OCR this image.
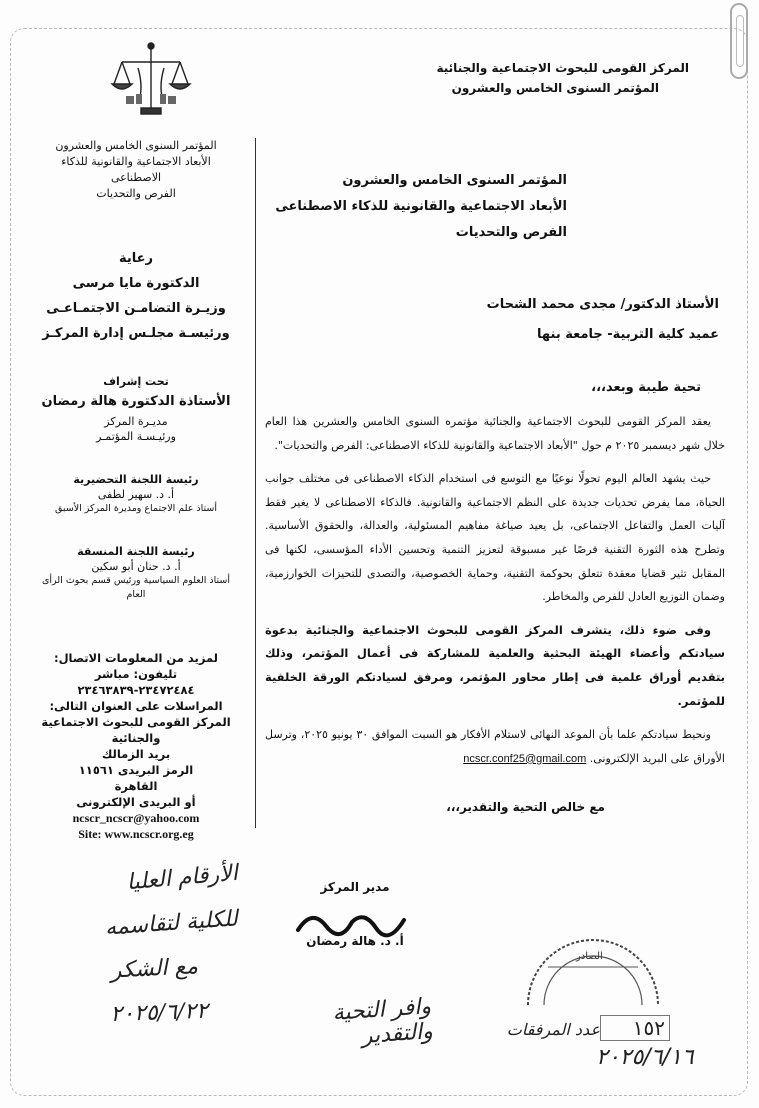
المركز القومى للبحوث الاجتماعية والجنائية
المؤتمر السنوى الخامس والعشرون
المؤتمر السنوى الخامس والعشرون
الأبعاد الاجتماعية والقانونية للذكاء الاصطناعى
الفرص والتحديات
رعاية
الدكتورة مايا مرسى
وزيـرة التضامـن الاجتمـاعـى
ورئيسـة مجلـس إدارة المركـز
تحت إشراف
الأستاذة الدكتورة هالة رمضان
مديـرة المركز
ورئيـسـة المؤتمـر
رئيسة اللجنة التحضيرية
أ. د. سهير لطفى
أستاذ علم الاجتماع ومديرة المركز الأسبق
رئيسة اللجنة المنسقة
أ. د. حنان أبو سكين
أستاذ العلوم السياسية ورئيس قسم بحوث الرأى العام
لمزيد من المعلومات الاتصال:
تليفون: مباشر ٢٣٤٧٢٤٨٤-٢٣٤٦٣٨٣٩
المراسلات على العنوان التالى:
المركز القومى للبحوث الاجتماعية والجنائية
بريد الزمالك
الرمز البريدى ١١٥٦١
القاهرة
أو البريدى الإلكترونى
ncscr_ncscr@yahoo.com
Site: www.ncscr.org.eg
المؤتمر السنوى الخامس والعشرون
الأبعاد الاجتماعية والقانونية للذكاء الاصطناعى
الفرص والتحديات
الأستاذ الدكتور/ مجدى محمد الشحات
عميد كلية التربية- جامعة بنها
تحية طيبة وبعد،،،

يعقد المركز القومى للبحوث الاجتماعية والجنائية مؤتمره السنوى الخامس والعشرين هذا العام خلال شهر ديسمبر ٢٠٢٥ م حول "الأبعاد الاجتماعية والقانونية للذكاء الاصطناعى: الفرص والتحديات".

حيث يشهد العالم اليوم تحولًا نوعيًا مع التوسع فى استخدام الذكاء الاصطناعى فى مختلف جوانب الحياة، مما يفرض تحديات جديدة على النظم الاجتماعية والقانونية. فالذكاء الاصطناعى لا يغير فقط آليات العمل والتفاعل الاجتماعى، بل يعيد صياغة مفاهيم المسئولية، والعدالة، والحقوق الأساسية. وتطرح هذه الثورة التقنية فرصًا غير مسبوقة لتعزيز التنمية وتحسين الأداء المؤسسى، لكنها فى المقابل تثير قضايا معقدة تتعلق بحوكمة التقنية، وحماية الخصوصية، والتصدى للتحيزات الخوارزمية، وضمان التوزيع العادل للفرص والمخاطر.

وفى ضوء ذلك، يتشرف المركز القومى للبحوث الاجتماعية والجنائية بدعوة سيادتكم وأعضاء الهيئة البحثية والعلمية للمشاركة فى أعمال المؤتمر، وذلك بتقديم أوراق علمية فى إطار محاور المؤتمر، ومرفق لسيادتكم الورقة الخلفية للمؤتمر.

ونحيط سيادتكم علما بأن الموعد النهائى لاستلام الأفكار هو السبت الموافق ٣٠ يونيو ٢٠٢٥، وترسل الأوراق على البريد الإلكترونى. ncscr.conf25@gmail.com

مع خالص التحية والتقدير،،،
مدير المركز
أ. د. هالة رمضان
وافر التحية والتقدير
الصادر
١٥٢
عدد المرفقات
٢٠٢٥/٦/١٦
الأرقام العليا
للكلية لتقاسمه
مع الشكر
٢٠٢٥/٦/٢٢
